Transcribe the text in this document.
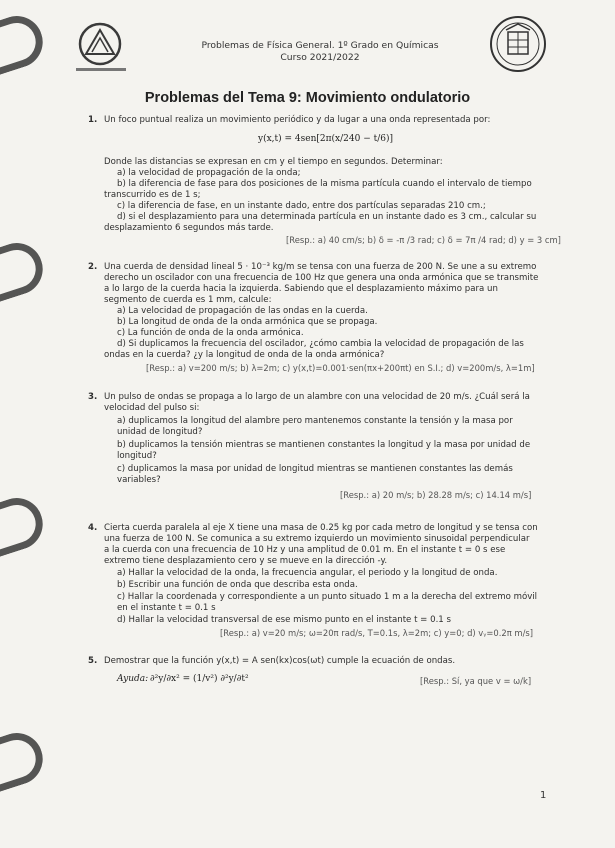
Problemas de Física General. 1º Grado en Químicas
Curso 2021/2022
Problemas del Tema 9: Movimiento ondulatorio
1. Un foco puntual realiza un movimiento periódico y da lugar a una onda representada por:
y(x,t) = 4sen[2π(x/240 − t/6)]
Donde las distancias se expresan en cm y el tiempo en segundos. Determinar:
a) la velocidad de propagación de la onda;
b) la diferencia de fase para dos posiciones de la misma partícula cuando el intervalo de tiempo
transcurrido es de 1 s;
c) la diferencia de fase, en un instante dado, entre dos partículas separadas 210 cm.;
d) si el desplazamiento para una determinada partícula en un instante dado es 3 cm., calcular su
desplazamiento 6 segundos más tarde.
[Resp.: a) 40 cm/s; b) δ = -π /3 rad; c) δ = 7π /4 rad; d) y = 3 cm]
2. Una cuerda de densidad lineal 5 · 10⁻³ kg/m se tensa con una fuerza de 200 N. Se une a su extremo
derecho un oscilador con una frecuencia de 100 Hz que genera una onda armónica que se transmite
a lo largo de la cuerda hacia la izquierda. Sabiendo que el desplazamiento máximo para un
segmento de cuerda es 1 mm, calcule:
a) La velocidad de propagación de las ondas en la cuerda.
b) La longitud de onda de la onda armónica que se propaga.
c) La función de onda de la onda armónica.
d) Si duplicamos la frecuencia del oscilador, ¿cómo cambia la velocidad de propagación de las
ondas en la cuerda? ¿y la longitud de onda de la onda armónica?
[Resp.: a) v=200 m/s; b) λ=2m; c) y(x,t)=0.001·sen(πx+200πt) en S.I.; d) v=200m/s, λ=1m]
3. Un pulso de ondas se propaga a lo largo de un alambre con una velocidad de 20 m/s. ¿Cuál será la
velocidad del pulso si:
a) duplicamos la longitud del alambre pero mantenemos constante la tensión y la masa por
unidad de longitud?
b) duplicamos la tensión mientras se mantienen constantes la longitud y la masa por unidad de
longitud?
c) duplicamos la masa por unidad de longitud mientras se mantienen constantes las demás
variables?
[Resp.: a) 20 m/s; b) 28.28 m/s; c) 14.14 m/s]
4. Cierta cuerda paralela al eje X tiene una masa de 0.25 kg por cada metro de longitud y se tensa con
una fuerza de 100 N. Se comunica a su extremo izquierdo un movimiento sinusoidal perpendicular
a la cuerda con una frecuencia de 10 Hz y una amplitud de 0.01 m. En el instante t = 0 s ese
extremo tiene desplazamiento cero y se mueve en la dirección -y.
a) Hallar la velocidad de la onda, la frecuencia angular, el periodo y la longitud de onda.
b) Escribir una función de onda que describa esta onda.
c) Hallar la coordenada y correspondiente a un punto situado 1 m a la derecha del extremo móvil
en el instante t = 0.1 s
d) Hallar la velocidad transversal de ese mismo punto en el instante t = 0.1 s
[Resp.: a) v=20 m/s; ω=20π rad/s, T=0.1s, λ=2m; c) y=0; d) vᵧ=0.2π m/s]
5. Demostrar que la función y(x,t) = A sen(kx)cos(ωt) cumple la ecuación de ondas.
Ayuda: ∂²y/∂x² = (1/v²) ∂²y/∂t²	[Resp.: Sí, ya que v = ω/k]
1
